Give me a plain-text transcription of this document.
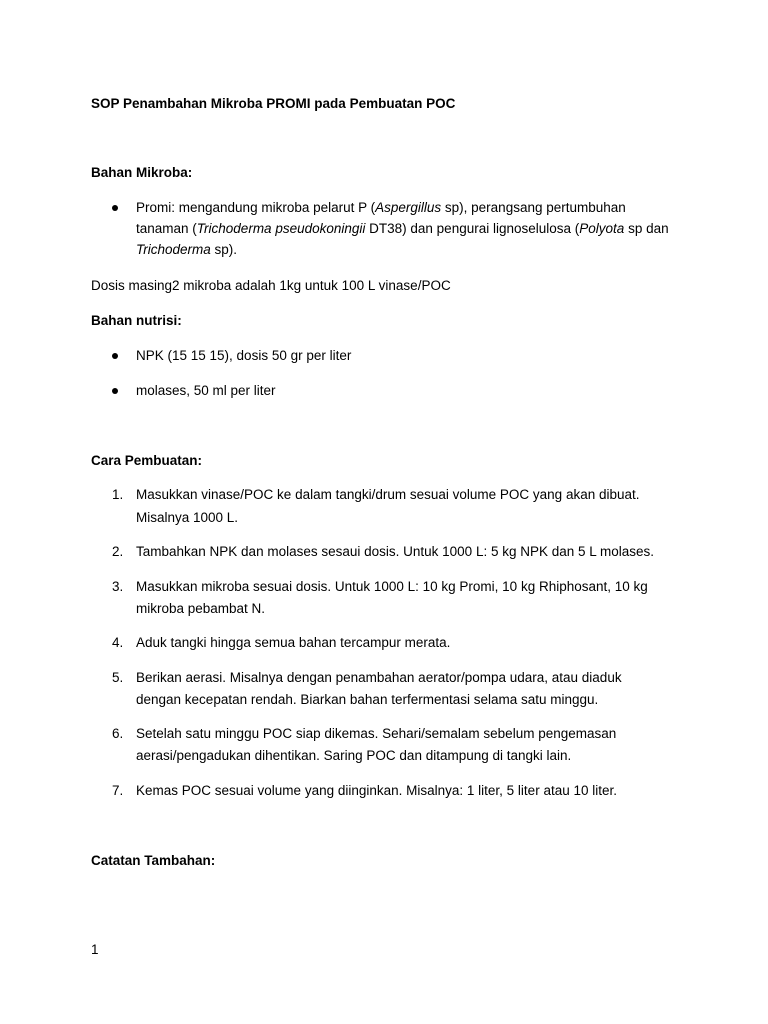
SOP Penambahan Mikroba PROMI pada Pembuatan POC
Bahan Mikroba:
Promi: mengandung mikroba pelarut P (Aspergillus sp), perangsang pertumbuhan
tanaman (Trichoderma pseudokoningii DT38) dan pengurai lignoselulosa (Polyota sp dan
Trichoderma sp).
Dosis masing2 mikroba adalah 1kg untuk 100 L vinase/POC
Bahan nutrisi:
NPK (15 15 15), dosis 50 gr per liter
molases, 50 ml per liter
Cara Pembuatan:
1. Masukkan vinase/POC ke dalam tangki/drum sesuai volume POC yang akan dibuat.
Misalnya 1000 L.
2. Tambahkan NPK dan molases sesaui dosis. Untuk 1000 L: 5 kg NPK dan 5 L molases.
3. Masukkan mikroba sesuai dosis. Untuk 1000 L: 10 kg Promi, 10 kg Rhiphosant, 10 kg
mikroba pebambat N.
4. Aduk tangki hingga semua bahan tercampur merata.
5. Berikan aerasi. Misalnya dengan penambahan aerator/pompa udara, atau diaduk
dengan kecepatan rendah. Biarkan bahan terfermentasi selama satu minggu.
6. Setelah satu minggu POC siap dikemas. Sehari/semalam sebelum pengemasan
aerasi/pengadukan dihentikan. Saring POC dan ditampung di tangki lain.
7. Kemas POC sesuai volume yang diinginkan. Misalnya: 1 liter, 5 liter atau 10 liter.
Catatan Tambahan:
1
